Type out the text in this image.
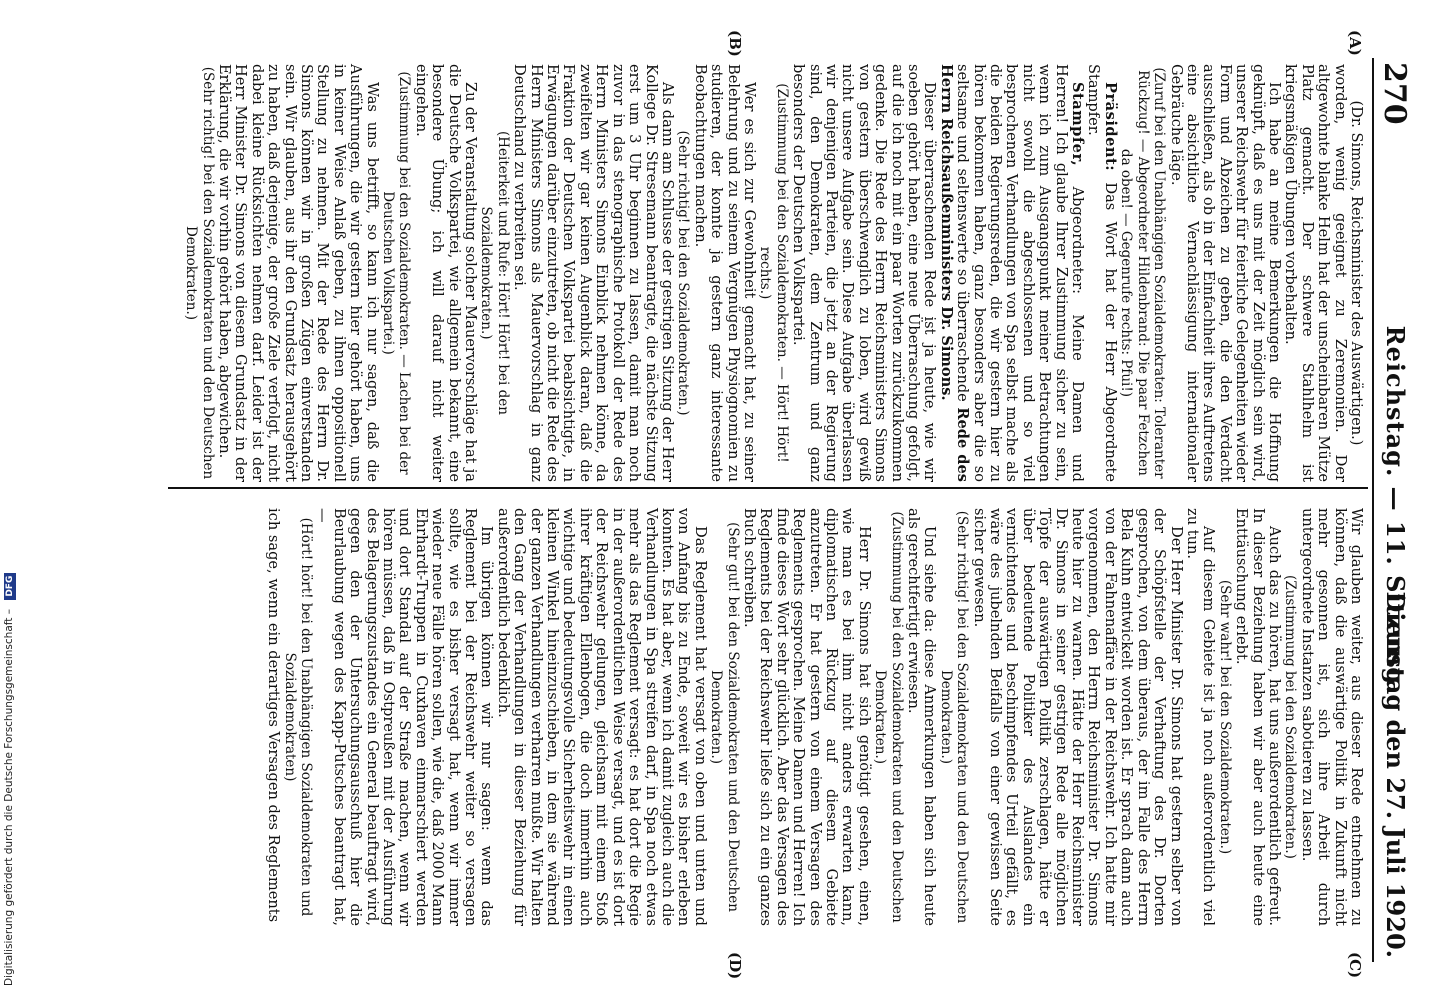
270
Reichstag. — 11. Sitzung.
Dienstag den 27. Juli 1920.
(A)
(B)
(C)
(D)

(Dr. Simons, Reichsminister des Auswärtigen.)

worden, wenig geeignet zu Zeremonien. Der altgewohnte blanke Helm hat der unscheinbaren Mütze Platz gemacht. Der schwere Stahlhelm ist kriegsmäßigen Übungen vorbehalten.

Ich habe an meine Bemerkungen die Hoffnung geknüpft, daß es uns mit der Zeit möglich sein wird, unserer Reichswehr für feierliche Gelegenheiten wieder Form und Abzeichen zu geben, die den Verdacht ausschließen, als ob in der Einfachheit ihres Auftretens eine absichtliche Vernachlässigung internationaler Gebräuche läge.

(Zuruf bei den Unabhängigen Sozialdemokraten: Toleranter Rückzug! — Abgeordneter Hildenbrand: Die paar Fetzchen da oben! — Gegenrufe rechts: Pfui!)

Präsident: Das Wort hat der Herr Abgeordnete Stampfer.

Stampfer, Abgeordneter: Meine Damen und Herren! Ich glaube Ihrer Zustimmung sicher zu sein, wenn ich zum Ausgangspunkt meiner Betrachtungen nicht sowohl die abgeschlossenen und so viel besprochenen Verhandlungen von Spa selbst mache als die beiden Regierungsreden, die wir gestern hier zu hören bekommen haben, ganz besonders aber die so seltsame und seltenswerte so überraschende Rede des Herrn Reichsaußenministers Dr. Simons.

Dieser überraschenden Rede ist ja heute, wie wir soeben gehört haben, eine neue Überraschung gefolgt, auf die ich noch mit ein paar Worten zurückzukommen gedenke. Die Rede des Herrn Reichsministers Simons von gestern überschwenglich zu loben, wird gewiß nicht unsere Aufgabe sein. Diese Aufgabe überlassen wir denjenigen Parteien, die jetzt an der Regierung sind, den Demokraten, dem Zentrum und ganz besonders der Deutschen Volkspartei.

(Zustimmung bei den Sozialdemokraten. — Hört! Hört! rechts.)

Wer es sich zur Gewohnheit gemacht hat, zu seiner Belehrung und zu seinem Vergnügen Physiognomien zu studieren, der konnte ja gestern ganz interessante Beobachtungen machen.

(Sehr richtig! bei den Sozialdemokraten.)

Als dann am Schlusse der gestrigen Sitzung der Herr Kollege Dr. Stresemann beantragte, die nächste Sitzung erst um 3 Uhr beginnen zu lassen, damit man noch zuvor in das stenographische Protokoll der Rede des Herrn Ministers Simons Einblick nehmen könne, da zweifelten wir gar keinen Augenblick daran, daß die Fraktion der Deutschen Volkspartei beabsichtigte, in Erwägungen darüber einzutreten, ob nicht die Rede des Herrn Ministers Simons als Mauervorschlag in ganz Deutschland zu verbreiten sei.

(Heiterkeit und Rufe: Hört! Hört! bei den Sozialdemokraten.)

Zu der Veranstaltung solcher Mauervorschläge hat ja die Deutsche Volkspartei, wie allgemein bekannt, eine besondere Übung; ich will darauf nicht weiter eingehen.

(Zustimmung bei den Sozialdemokraten. — Lachen bei der Deutschen Volkspartei.)

Was uns betrifft, so kann ich nur sagen, daß die Ausführungen, die wir gestern hier gehört haben, uns in keiner Weise Anlaß geben, zu ihnen oppositionell Stellung zu nehmen. Mit der Rede des Herrn Dr. Simons können wir in großen Zügen einverstanden sein. Wir glauben, aus ihr den Grundsatz herausgehört zu haben, daß derjenige, der große Ziele verfolgt, nicht dabei kleine Rücksichten nehmen darf. Leider ist der Herr Minister Dr. Simons von diesem Grundsatz in der Erklärung, die wir vorhin gehört haben, abgewichen.

(Sehr richtig! bei den Sozialdemokraten und den Deutschen Demokraten.)

Wir glauben weiter, aus dieser Rede entnehmen zu können, daß die auswärtige Politik in Zukunft nicht mehr gesonnen ist, sich ihre Arbeit durch untergeordnete Instanzen sabotieren zu lassen.

(Zustimmung bei den Sozialdemokraten.)

Auch das zu hören, hat uns außerordentlich gefreut. In dieser Beziehung haben wir aber auch heute eine Enttäuschung erlebt.

(Sehr wahr! bei den Sozialdemokraten.)

Auf diesem Gebiete ist ja noch außerordentlich viel zu tun.

Der Herr Minister Dr. Simons hat gestern selber von der Schöpfstelle der Verhaftung des Dr. Dorten gesprochen, von dem überaus, der im Falle des Herrn Bela Kuhn entwickelt worden ist. Er sprach dann auch von der Fahnenaffäre in der Reichswehr. Ich hatte mir vorgenommen, den Herrn Reichsminister Dr. Simons heute hier zu warnen. Hätte der Herr Reichsminister Dr. Simons in seiner gestrigen Rede alle möglichen Töpfe der auswärtigen Politik zerschlagen, hätte er über bedeutende Politiker des Auslandes ein vernichtendes und beschimpfendes Urteil gefällt, es wäre des jubelnden Beifalls von einer gewissen Seite sicher gewesen.

(Sehr richtig! bei den Sozialdemokraten und den Deutschen Demokraten.)

Und siehe da: diese Anmerkungen haben sich heute als gerechtfertigt erwiesen.

(Zustimmung bei den Sozialdemokraten und den Deutschen Demokraten.)

Herr Dr. Simons hat sich genötigt gesehen, einen, wie man es bei ihm nicht anders erwarten kann, diplomatischen Rückzug auf diesem Gebiete anzutreten. Er hat gestern von einem Versagen des Reglements gesprochen. Meine Damen und Herren! Ich finde dieses Wort sehr glücklich. Aber das Versagen des Reglements bei der Reichswehr ließe sich zu ein ganzes Buch schreiben.

(Sehr gut! bei den Sozialdemokraten und den Deutschen Demokraten.)

Das Reglement hat versagt von oben und unten und von Anfang bis zu Ende, soweit wir es bisher erleben konnten. Es hat aber, wenn ich damit zugleich auch die Verhandlungen in Spa streifen darf, in Spa noch etwas mehr als das Reglement versagt: es hat dort die Regie in der außerordentlichen Weise versagt, und es ist dort der Reichswehr gelungen, gleichsam mit einem Stoß ihrer kräftigen Ellenbogen, die doch immerhin auch wichtige und bedeutungsvolle Sicherheitswehr in einen kleinen Winkel hineinzuschieben, in dem sie während der ganzen Verhandlungen verharren mußte. Wir halten den Gang der Verhandlungen in dieser Beziehung für außerordentlich bedenklich.

Im übrigen können wir nur sagen: wenn das Reglement bei der Reichswehr weiter so versagen sollte, wie es bisher versagt hat, wenn wir immer wieder neue Fälle hören sollen, wie die, daß 2000 Mann Ehrhardt-Truppen in Cuxhaven einmarschiert werden und dort Standal auf der Straße machen, wenn wir hören müssen, daß in Ostpreußen mit der Ausführung des Belagerungszustandes ein General beauftragt wird, gegen den der Untersuchungsausschuß hier die Beurlaubung wegen des Kapp-Putsches beantragt hat, —

(Hört! hört! bei den Unabhängigen Sozialdemokraten und Sozialdemokraten)

ich sage, wenn ein derartiges Versagen des Reglements

Digitalisierung gefördert durch die Deutsche Forschungsgemeinschaft – DFG
